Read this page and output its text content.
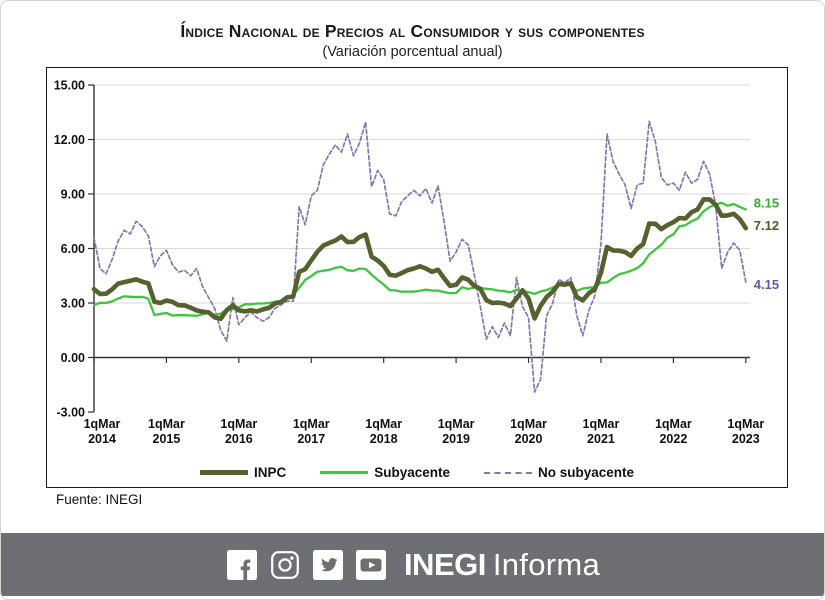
Índice Nacional de Precios al Consumidor y sus componentes
(Variación porcentual anual)
15.00
12.00
9.00
6.00
3.00
0.00
-3.00
1qMar
2014
1qMar
2015
1qMar
2016
1qMar
2017
1qMar
2018
1qMar
2019
1qMar
2020
1qMar
2021
1qMar
2022
1qMar
2023
4.15
8.15
7.12
INPC	Subyacente	No subyacente
Fuente: INEGI
INEGI Informa
